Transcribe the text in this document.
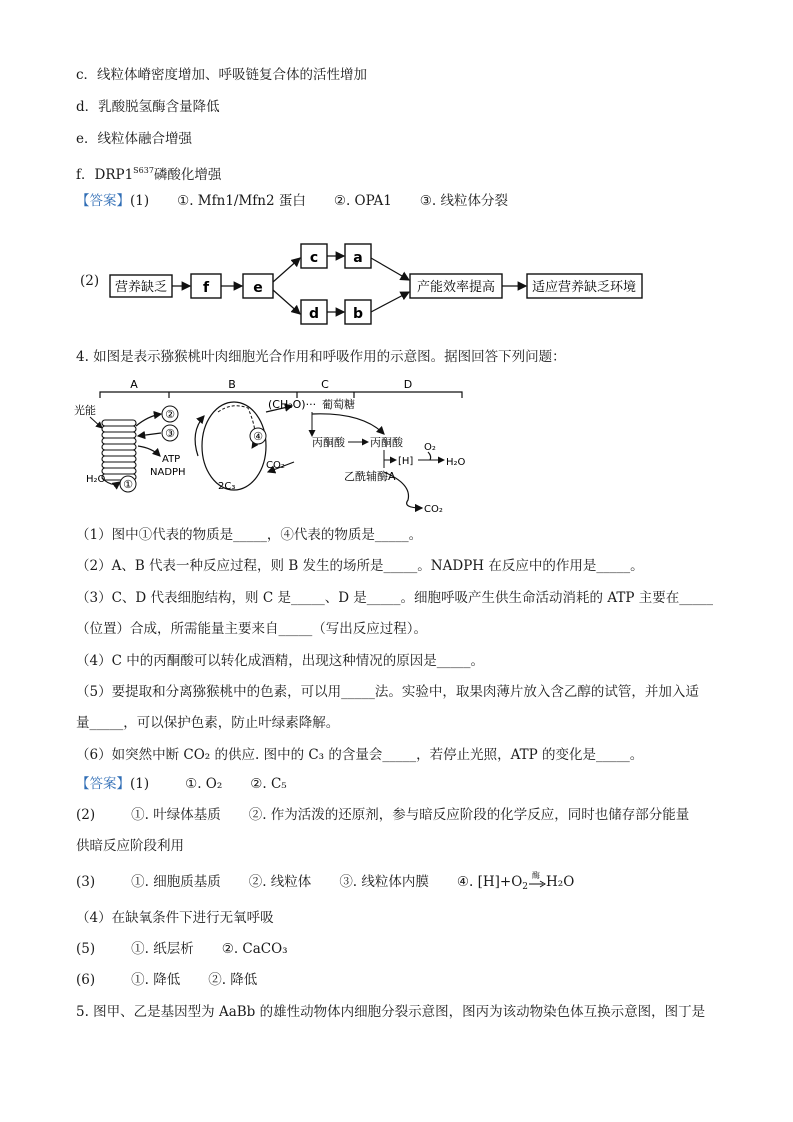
c．线粒体嵴密度增加、呼吸链复合体的活性增加
d．乳酸脱氢酶含量降低
e．线粒体融合增强
f．$DRP1^{S637}$磷酸化增强
【答案】(1) ①. Mfn1/Mfn2 蛋白 ②. OPA1 ③. 线粒体分裂
(2) 营养缺乏	f	e
c	a
d b
产能效率提高	适应营养缺乏环境
4. 如图是表示猕猴桃叶肉细胞光合作用和呼吸作用的示意图。据图回答下列问题：
A	B	C	D
光能
H₂O ①
②
③
ATP
NADPH
(CH₂O)··· 葡萄糖
④
CO₂
2C₃
丙酮酸 丙酮酸 O₂
[H]	H₂O
乙酰辅酶A
CO₂
（1）图中①代表的物质是_____，④代表的物质是_____。
（2）A、B 代表一种反应过程，则 B 发生的场所是_____。NADPH 在反应中的作用是_____。
（3）C、D 代表细胞结构，则 C 是_____、D 是_____。细胞呼吸产生供生命活动消耗的 ATP 主要在_____
（位置）合成，所需能量主要来自_____（写出反应过程）。
（4）C 中的丙酮酸可以转化成酒精，出现这种情况的原因是_____。
（5）要提取和分离猕猴桃中的色素，可以用_____法。实验中，取果肉薄片放入含乙醇的试管，并加入适
量_____，可以保护色素，防止叶绿素降解。
（6）如突然中断 CO₂ 的供应. 图中的 C₃ 的含量会_____，若停止光照，ATP 的变化是_____。
【答案】(1)	①. O₂ ②. C₅
(2)	①. 叶绿体基质 ②. 作为活泼的还原剂，参与暗反应阶段的化学反应，同时也储存部分能量
供暗反应阶段利用
(3)	①. 细胞质基质 ②. 线粒体 ③. 线粒体内膜 ④. $[H]+O_2$
酶 H₂O
（4）在缺氧条件下进行无氧呼吸
(5)	①. 纸层析 ②. CaCO₃
(6)	①. 降低 ②. 降低
5. 图甲、乙是基因型为 AaBb 的雄性动物体内细胞分裂示意图，图丙为该动物染色体互换示意图，图丁是
